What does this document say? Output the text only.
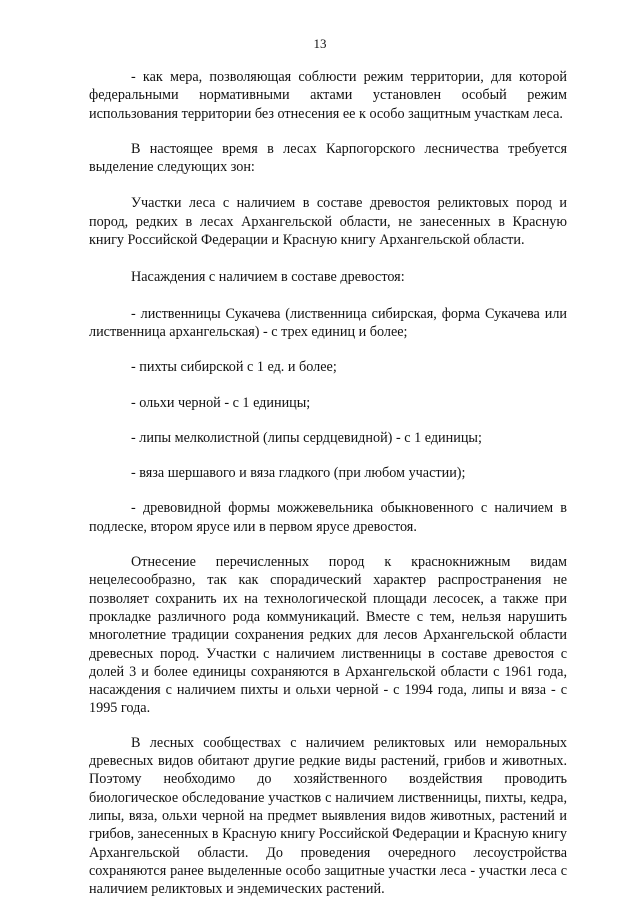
13

- как мера, позволяющая соблюсти режим территории, для которой федеральными нормативными актами установлен особый режим использования территории без отнесения ее к особо защитным участкам леса.

В настоящее время в лесах Карпогорского лесничества требуется выделение следующих зон:

Участки леса с наличием в составе древостоя реликтовых пород и пород, редких в лесах Архангельской области, не занесенных в Красную книгу Российской Федерации и Красную книгу Архангельской области.

Насаждения с наличием в составе древостоя:

- лиственницы Сукачева (лиственница сибирская, форма Сукачева или лиственница архангельская) - с трех единиц и более;

- пихты сибирской с 1 ед. и более;

- ольхи черной - с 1 единицы;

- липы мелколистной (липы сердцевидной) - с 1 единицы;

- вяза шершавого и вяза гладкого (при любом участии);

- древовидной формы можжевельника обыкновенного с наличием в подлеске, втором ярусе или в первом ярусе древостоя.

Отнесение перечисленных пород к краснокнижным видам нецелесообразно, так как спорадический характер распространения не позволяет сохранить их на технологической площади лесосек, а также при прокладке различного рода коммуникаций. Вместе с тем, нельзя нарушить многолетние традиции сохранения редких для лесов Архангельской области древесных пород. Участки с наличием лиственницы в составе древостоя с долей 3 и более единицы сохраняются в Архангельской области с 1961 года, насаждения с наличием пихты и ольхи черной - с 1994 года, липы и вяза - с 1995 года.

В лесных сообществах с наличием реликтовых или неморальных древесных видов обитают другие редкие виды растений, грибов и животных. Поэтому необходимо до хозяйственного воздействия проводить биологическое обследование участков с наличием лиственницы, пихты, кедра, липы, вяза, ольхи черной на предмет выявления видов животных, растений и грибов, занесенных в Красную книгу Российской Федерации и Красную книгу Архангельской области. До проведения очередного лесоустройства сохраняются ранее выделенные особо защитные участки леса - участки леса с наличием реликтовых и эндемических растений.
